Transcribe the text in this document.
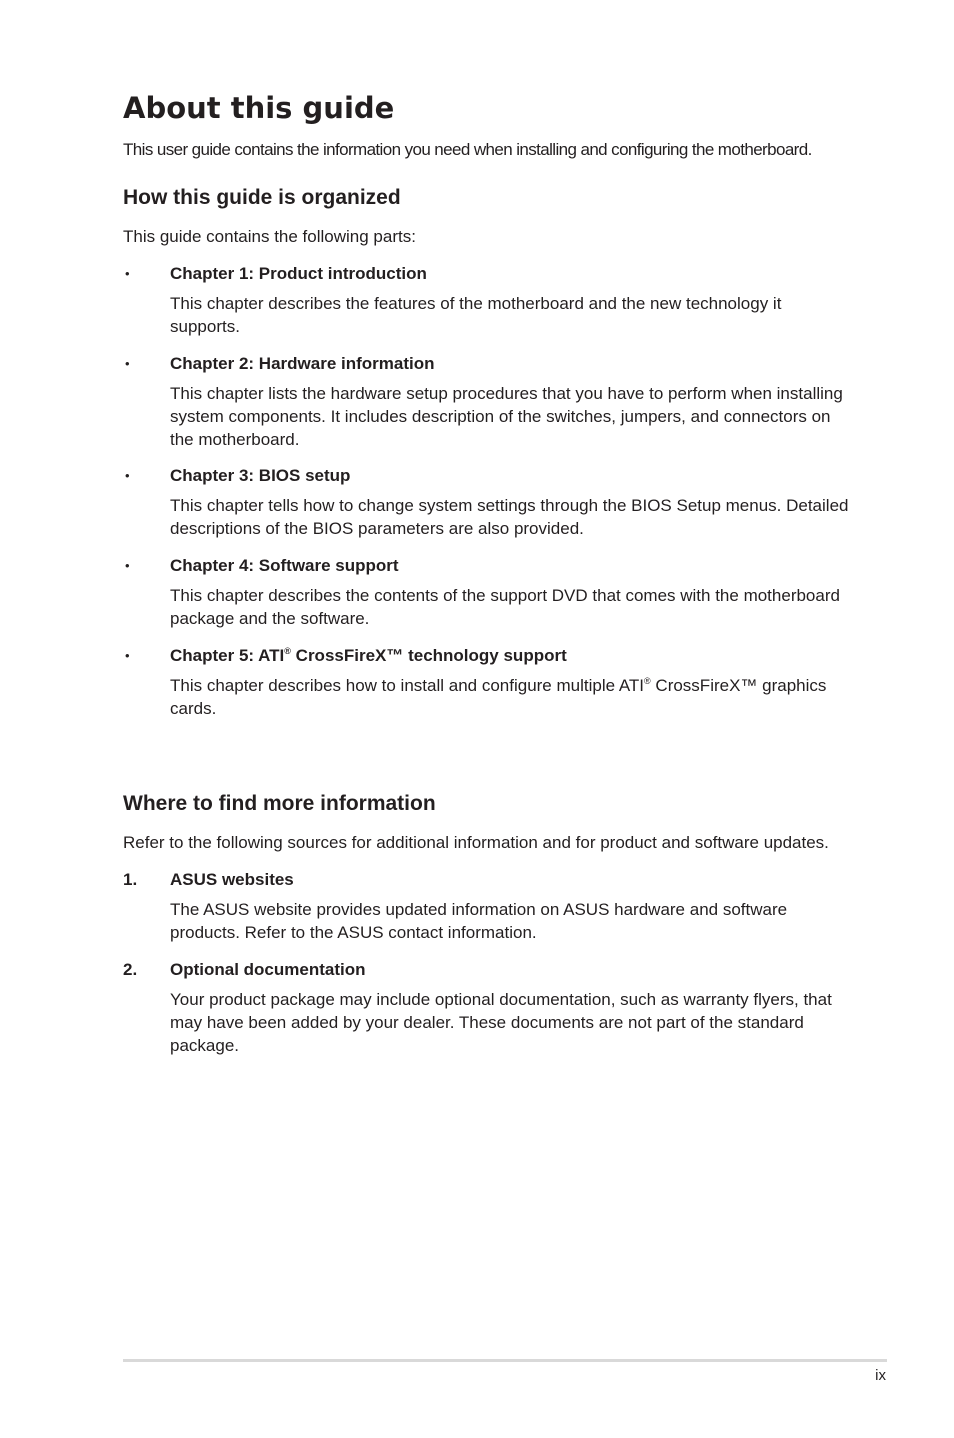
About this guide

This user guide contains the information you need when installing and configuring the motherboard.

How this guide is organized

This guide contains the following parts:

• Chapter 1: Product introduction

This chapter describes the features of the motherboard and the new technology it supports.

• Chapter 2: Hardware information

This chapter lists the hardware setup procedures that you have to perform when installing system components. It includes description of the switches, jumpers, and connectors on the motherboard.

• Chapter 3: BIOS setup

This chapter tells how to change system settings through the BIOS Setup menus. Detailed descriptions of the BIOS parameters are also provided.

• Chapter 4: Software support

This chapter describes the contents of the support DVD that comes with the motherboard package and the software.

• Chapter 5: ATI® CrossFireX™ technology support

This chapter describes how to install and configure multiple ATI® CrossFireX™ graphics cards.

Where to find more information

Refer to the following sources for additional information and for product and software updates.

1. ASUS websites

The ASUS website provides updated information on ASUS hardware and software products. Refer to the ASUS contact information.

2. Optional documentation

Your product package may include optional documentation, such as warranty flyers, that may have been added by your dealer. These documents are not part of the standard package.

ix
